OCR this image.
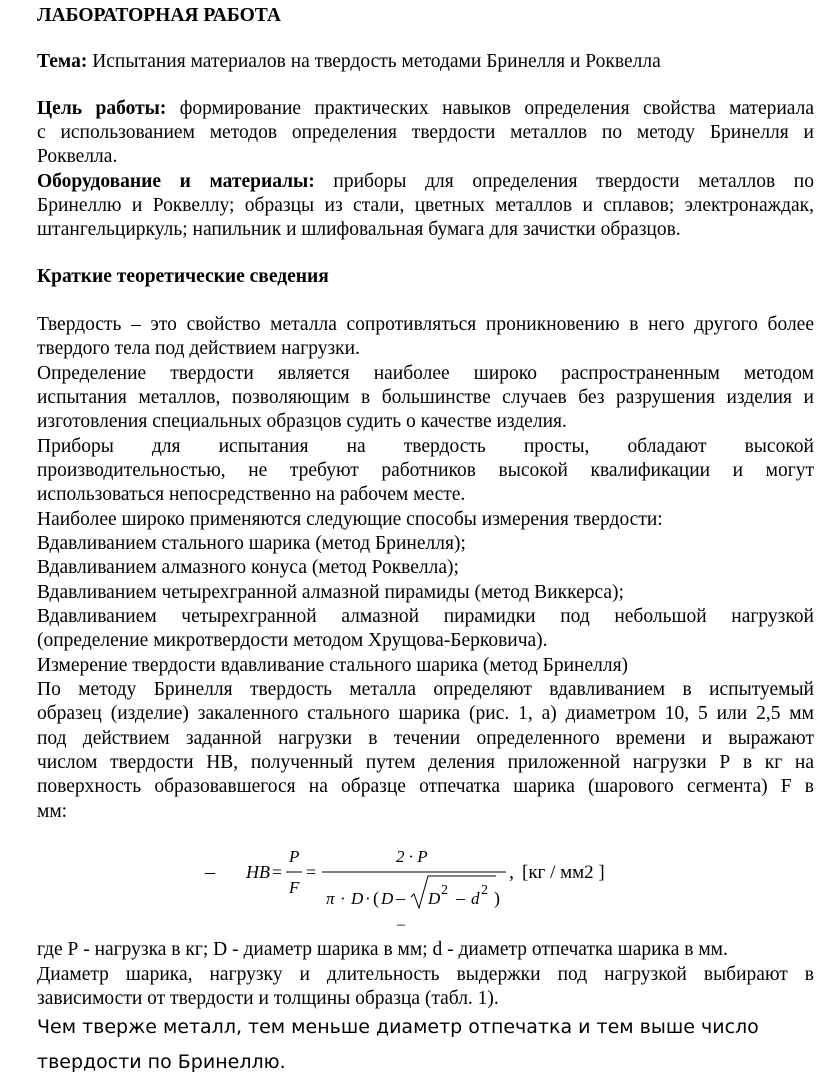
ЛАБОРАТОРНАЯ РАБОТА
Тема: Испытания материалов на твердость методами Бринелля и Роквелла
Цель работы: формирование практических навыков определения свойства материала
с использованием методов определения твердости металлов по методу Бринелля и
Роквелла.
Оборудование и материалы: приборы для определения твердости металлов по
Бринеллю и Роквеллу; образцы из стали, цветных металлов и сплавов; электронаждак,
штангельциркуль; напильник и шлифовальная бумага для зачистки образцов.
Краткие теоретические сведения
Твердость – это свойство металла сопротивляться проникновению в него другого более
твердого тела под действием нагрузки.
Определение твердости является наиболее широко распространенным методом
испытания металлов, позволяющим в большинстве случаев без разрушения изделия и
изготовления специальных образцов судить о качестве изделия.
Приборы для испытания на твердость просты, обладают высокой
производительностью, не требуют работников высокой квалификации и могут
использоваться непосредственно на рабочем месте.
Наиболее широко применяются следующие способы измерения твердости:
Вдавливанием стального шарика (метод Бринелля);
Вдавливанием алмазного конуса (метод Роквелла);
Вдавливанием четырехгранной алмазной пирамиды (метод Виккерса);
Вдавливанием четырехгранной алмазной пирамидки под небольшой нагрузкой
(определение микротвердости методом Хрущова-Берковича).
Измерение твердости вдавливание стального шарика (метод Бринелля)
По методу Бринелля твердость металла определяют вдавливанием в испытуемый
образец (изделие) закаленного стального шарика (рис. 1, а) диаметром 10, 5 или 2,5 мм
под действием заданной нагрузки в течении определенного времени и выражают
числом твердости НВ, полученный путем деления приложенной нагрузки Р в кг на
поверхность образовавшегося на образце отпечатка шарика (шарового сегмента) F в
мм:
– HB =
P
F
=
2 · P
π · D · ( D – D 2 – d 2 )
, [кг / мм2 ]
–
где Р - нагрузка в кг; D - диаметр шарика в мм; d - диаметр отпечатка шарика в мм.
Диаметр шарика, нагрузку и длительность выдержки под нагрузкой выбирают в
зависимости от твердости и толщины образца (табл. 1).
Чем тверже металл, тем меньше диаметр отпечатка и тем выше число
твердости по Бринеллю.
